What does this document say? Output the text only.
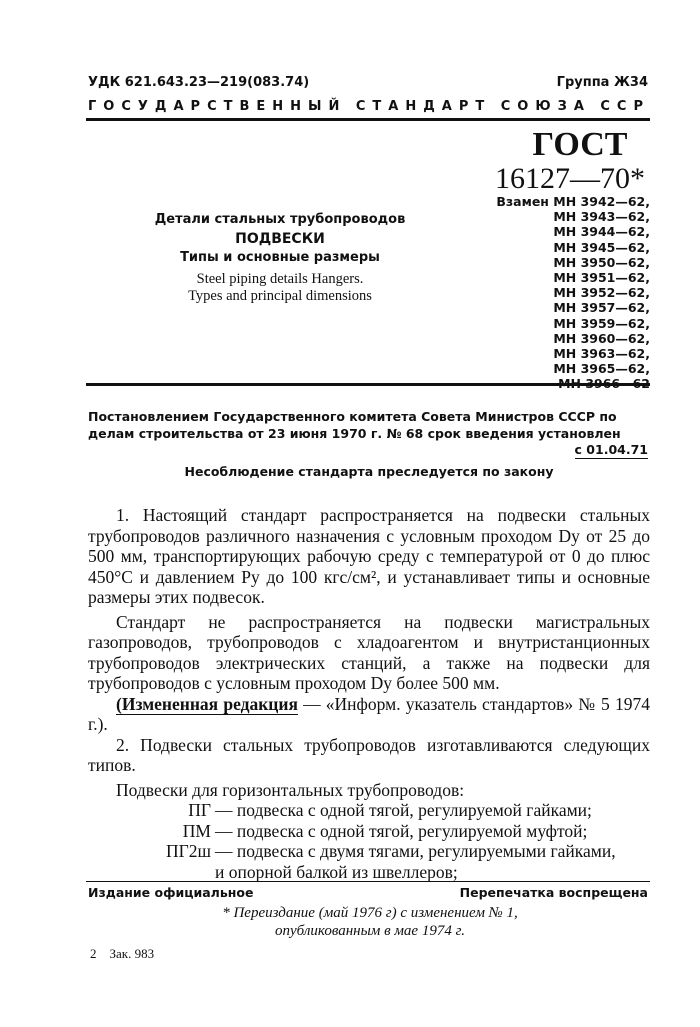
УДК 621.643.23—219(083.74)	Группа Ж34
ГОСУДАРСТВЕННЫЙ СТАНДАРТ СОЮЗА ССР
ГОСТ
16127—70*
Взамен МН 3942—62,
МН 3943—62,
МН 3944—62,
МН 3945—62,
МН 3950—62,
МН 3951—62,
МН 3952—62,
МН 3957—62,
МН 3959—62,
МН 3960—62,
МН 3963—62,
МН 3965—62,
Детали стальных трубопроводов
ПОДВЕСКИ
Типы и основные размеры
Steel piping details Hangers.
Types and principal dimensions
Постановлением Государственного комитета Совета Министров СССР по делам строительства от 23 июня 1970 г. № 68 срок введения установлен
с 01.04.71
Несоблюдение стандарта преследуется по закону

1. Настоящий стандарт распространяется на подвески стальных трубопроводов различного назначения с условным проходом Dу от 25 до 500 мм, транспортирующих рабочую среду с температурой от 0 до плюс 450°С и давлением Pу до 100 кгс/см², и устанавливает типы и основные размеры этих подвесок.

Стандарт не распространяется на подвески магистральных газопроводов, трубопроводов с хладоагентом и внутристанционных трубопроводов электрических станций, а также на подвески для трубопроводов с условным проходом Dу более 500 мм.

(Измененная редакция — «Информ. указатель стандартов» № 5 1974 г.).

2. Подвески стальных трубопроводов изготавливаются следующих типов.

Подвески для горизонтальных трубопроводов:

ПГ — подвеска с одной тягой, регулируемой гайками;
ПМ — подвеска с одной тягой, регулируемой муфтой;
ПГ2ш — подвеска с двумя тягами, регулируемыми гайками,
и опорной балкой из швеллеров;
Издание официальное	Перепечатка воспрещена
* Переиздание (май 1976 г) с изменением № 1,
опубликованным в мае 1974 г.
2    Зак. 983
